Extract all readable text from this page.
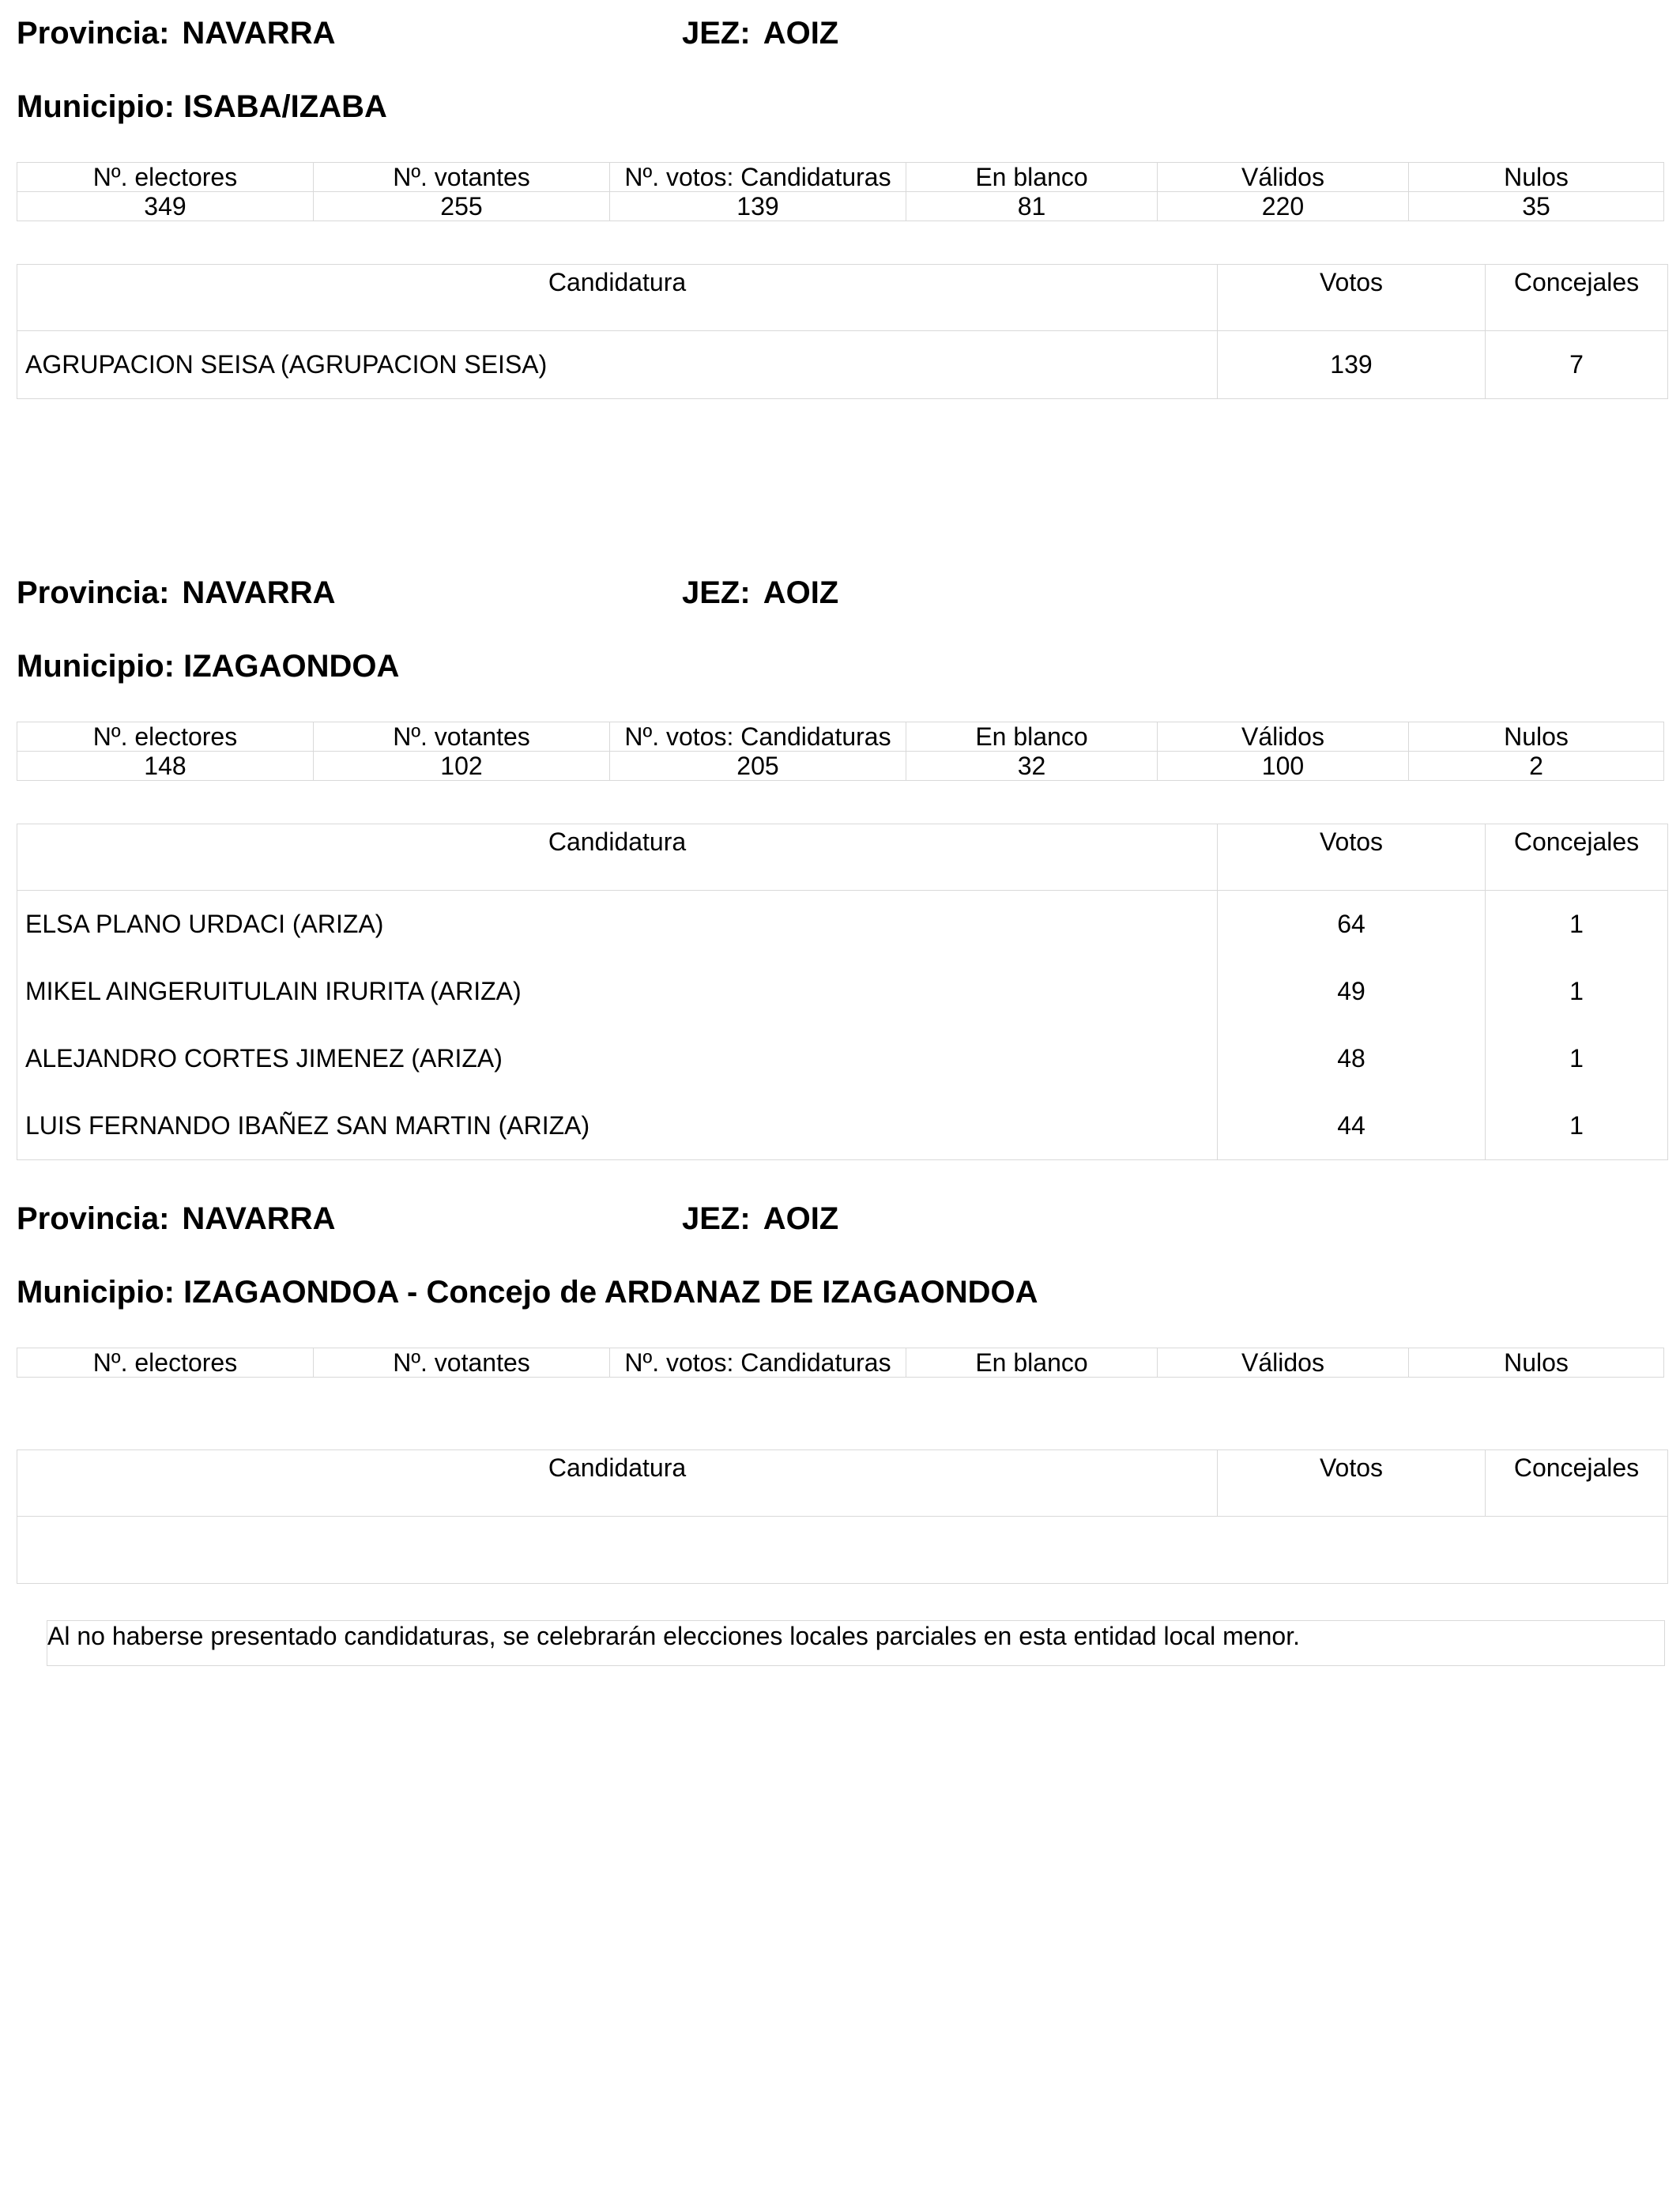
Provincia: NAVARRA	JEZ: AOIZ
Municipio: ISABA/IZABA
Nº. electores	Nº. votantes	Nº. votos: Candidaturas	En blanco	Válidos	Nulos
349	255	139	81	220	35
Candidatura	Votos	Concejales
AGRUPACION SEISA (AGRUPACION SEISA)	139	7
Provincia: NAVARRA	JEZ: AOIZ
Municipio: IZAGAONDOA
Nº. electores	Nº. votantes	Nº. votos: Candidaturas	En blanco	Válidos	Nulos
148	102	205	32	100	2
Candidatura	Votos	Concejales
ELSA PLANO URDACI (ARIZA)	64	1
MIKEL AINGERUITULAIN IRURITA (ARIZA)	49	1
ALEJANDRO CORTES JIMENEZ (ARIZA)	48	1
LUIS FERNANDO IBAÑEZ SAN MARTIN (ARIZA)	44	1
Provincia: NAVARRA	JEZ: AOIZ
Municipio: IZAGAONDOA - Concejo de ARDANAZ DE IZAGAONDOA
Nº. electores	Nº. votantes	Nº. votos: Candidaturas	En blanco	Válidos	Nulos
Candidatura	Votos	Concejales

Al no haberse presentado candidaturas, se celebrarán elecciones locales parciales en esta entidad local menor.
